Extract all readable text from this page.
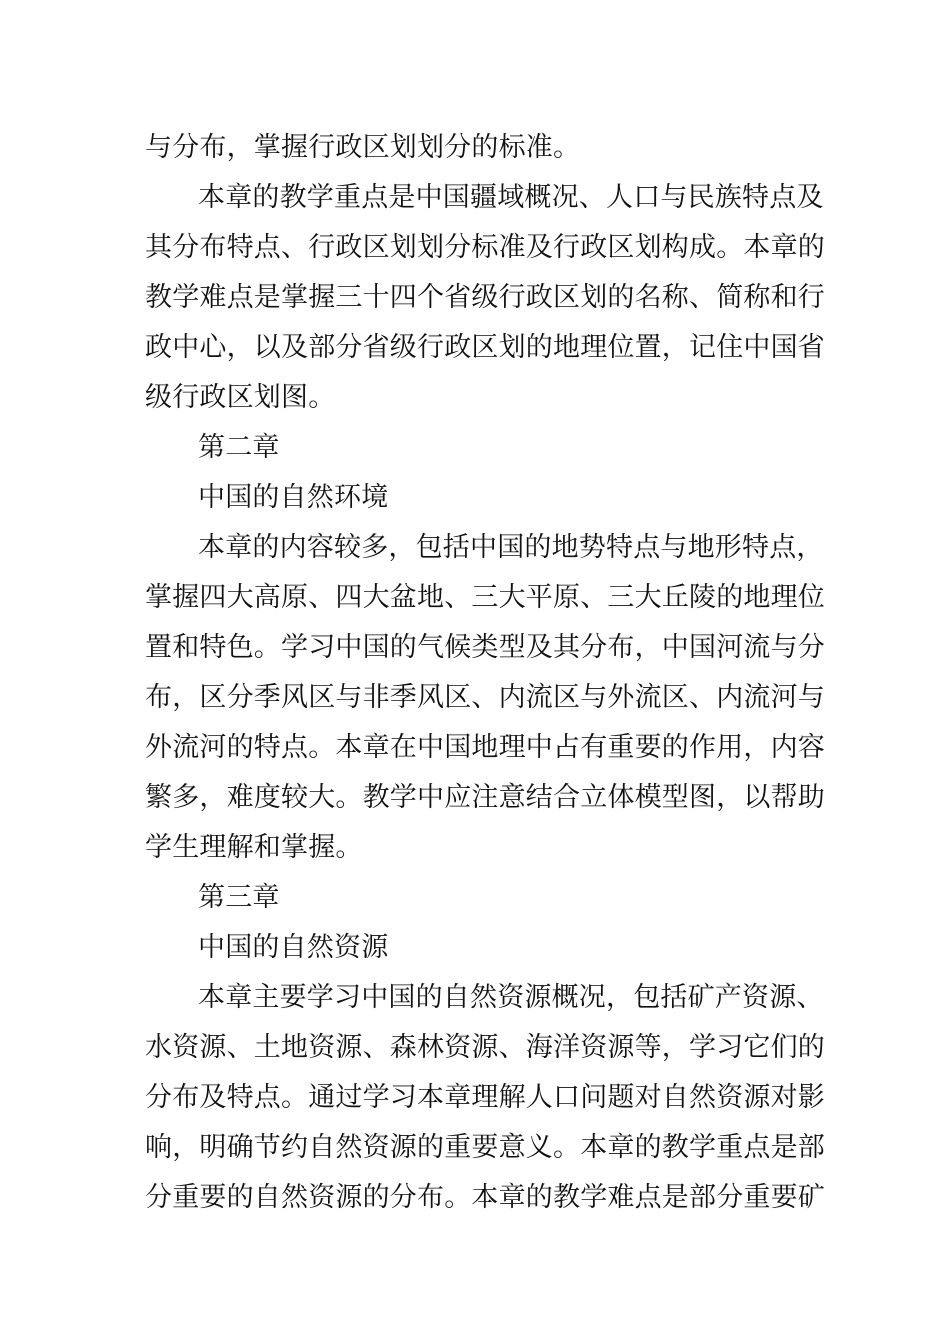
与分布，掌握行政区划划分的标准。

本章的教学重点是中国疆域概况、人口与民族特点及

其分布特点、行政区划划分标准及行政区划构成。本章的

教学难点是掌握三十四个省级行政区划的名称、简称和行

政中心，以及部分省级行政区划的地理位置，记住中国省

级行政区划图。

第二章

中国的自然环境

本章的内容较多，包括中国的地势特点与地形特点，

掌握四大高原、四大盆地、三大平原、三大丘陵的地理位

置和特色。学习中国的气候类型及其分布，中国河流与分

布，区分季风区与非季风区、内流区与外流区、内流河与

外流河的特点。本章在中国地理中占有重要的作用，内容

繁多，难度较大。教学中应注意结合立体模型图，以帮助

学生理解和掌握。

第三章

中国的自然资源

本章主要学习中国的自然资源概况，包括矿产资源、

水资源、土地资源、森林资源、海洋资源等，学习它们的

分布及特点。通过学习本章理解人口问题对自然资源对影

响，明确节约自然资源的重要意义。本章的教学重点是部

分重要的自然资源的分布。本章的教学难点是部分重要矿
